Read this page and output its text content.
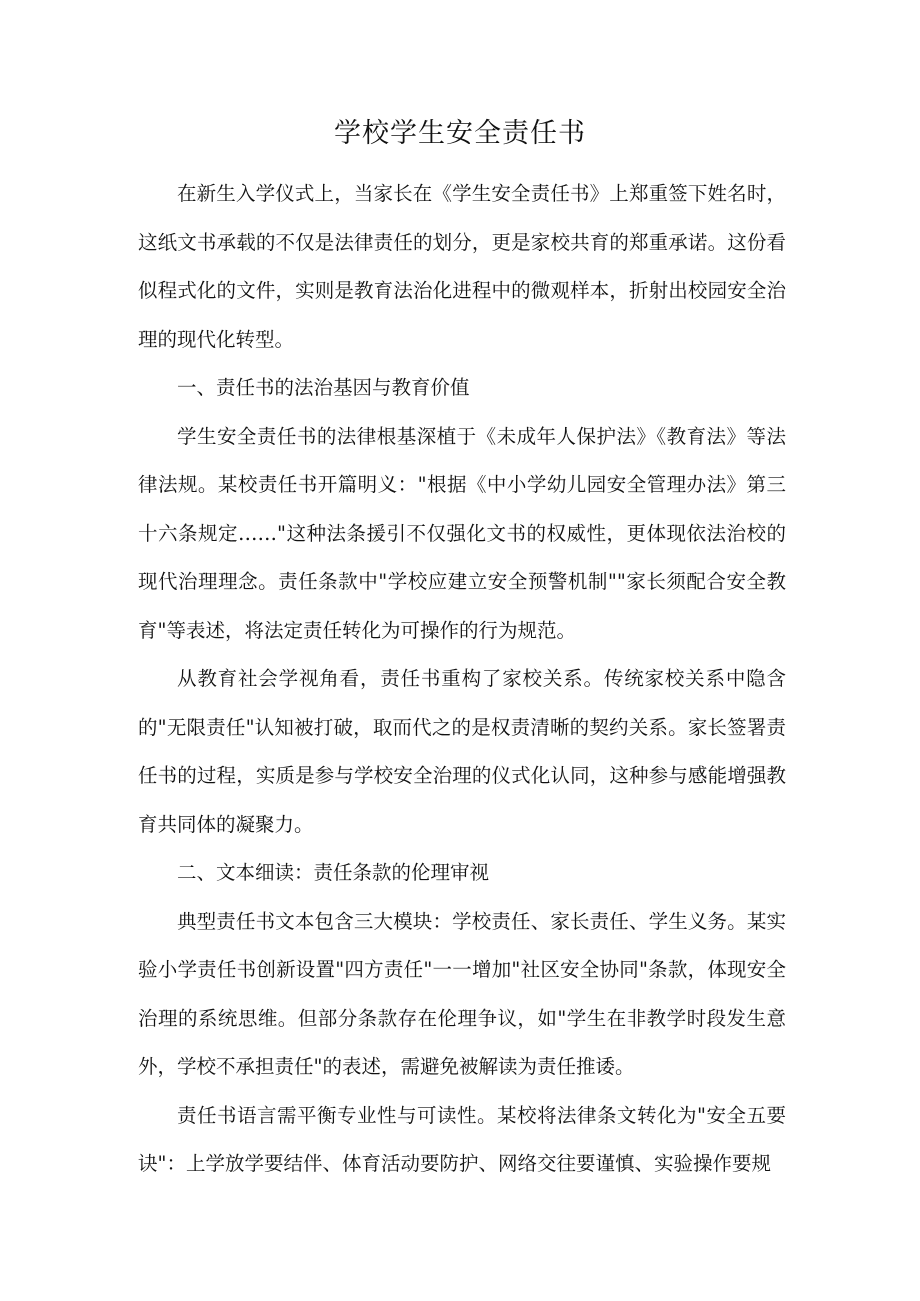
学校学生安全责任书

在新生入学仪式上，当家长在《学生安全责任书》上郑重签下姓名时，这纸文书承载的不仅是法律责任的划分，更是家校共育的郑重承诺。这份看似程式化的文件，实则是教育法治化进程中的微观样本，折射出校园安全治理的现代化转型。

一、责任书的法治基因与教育价值

学生安全责任书的法律根基深植于《未成年人保护法》《教育法》等法律法规。某校责任书开篇明义："根据《中小学幼儿园安全管理办法》第三十六条规定……"这种法条援引不仅强化文书的权威性，更体现依法治校的现代治理理念。责任条款中"学校应建立安全预警机制""家长须配合安全教育"等表述，将法定责任转化为可操作的行为规范。

从教育社会学视角看，责任书重构了家校关系。传统家校关系中隐含的"无限责任"认知被打破，取而代之的是权责清晰的契约关系。家长签署责任书的过程，实质是参与学校安全治理的仪式化认同，这种参与感能增强教育共同体的凝聚力。

二、文本细读：责任条款的伦理审视

典型责任书文本包含三大模块：学校责任、家长责任、学生义务。某实验小学责任书创新设置"四方责任"一一增加"社区安全协同"条款，体现安全治理的系统思维。但部分条款存在伦理争议，如"学生在非教学时段发生意外，学校不承担责任"的表述，需避免被解读为责任推诿。

责任书语言需平衡专业性与可读性。某校将法律条文转化为"安全五要诀"：上学放学要结伴、体育活动要防护、网络交往要谨慎、实验操作要规
